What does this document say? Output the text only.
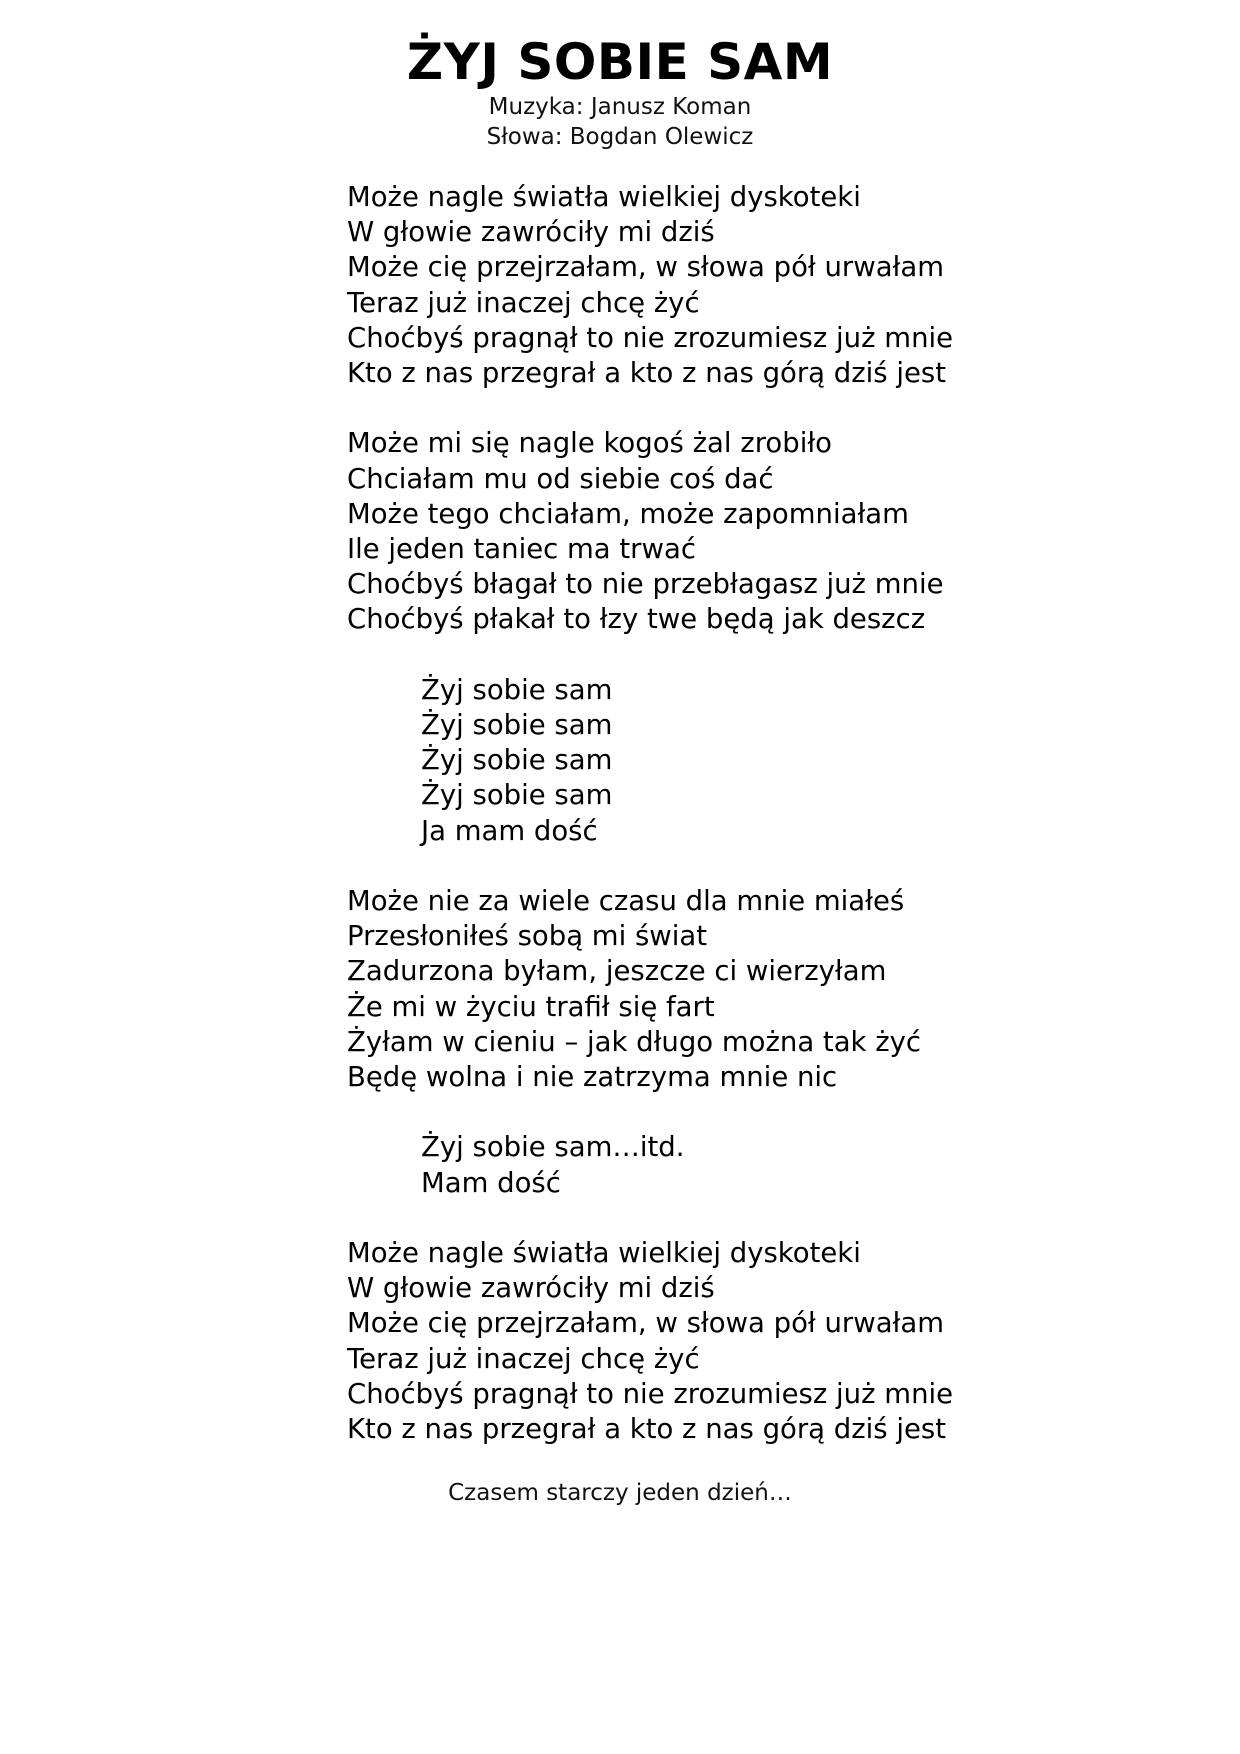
ŻYJ SOBIE SAM
Muzyka: Janusz Koman
Słowa: Bogdan Olewicz
Może nagle światła wielkiej dyskoteki
W głowie zawróciły mi dziś
Może cię przejrzałam, w słowa pół urwałam
Teraz już inaczej chcę żyć
Choćbyś pragnął to nie zrozumiesz już mnie
Kto z nas przegrał a kto z nas górą dziś jest
Może mi się nagle kogoś żal zrobiło
Chciałam mu od siebie coś dać
Może tego chciałam, może zapomniałam
Ile jeden taniec ma trwać
Choćbyś błagał to nie przebłagasz już mnie
Choćbyś płakał to łzy twe będą jak deszcz
Żyj sobie sam
Żyj sobie sam
Żyj sobie sam
Żyj sobie sam
Ja mam dość
Może nie za wiele czasu dla mnie miałeś
Przesłoniłeś sobą mi świat
Zadurzona byłam, jeszcze ci wierzyłam
Że mi w życiu trafił się fart
Żyłam w cieniu – jak długo można tak żyć
Będę wolna i nie zatrzyma mnie nic
Żyj sobie sam…itd.
Mam dość
Może nagle światła wielkiej dyskoteki
W głowie zawróciły mi dziś
Może cię przejrzałam, w słowa pół urwałam
Teraz już inaczej chcę żyć
Choćbyś pragnął to nie zrozumiesz już mnie
Kto z nas przegrał a kto z nas górą dziś jest
Czasem starczy jeden dzień…
